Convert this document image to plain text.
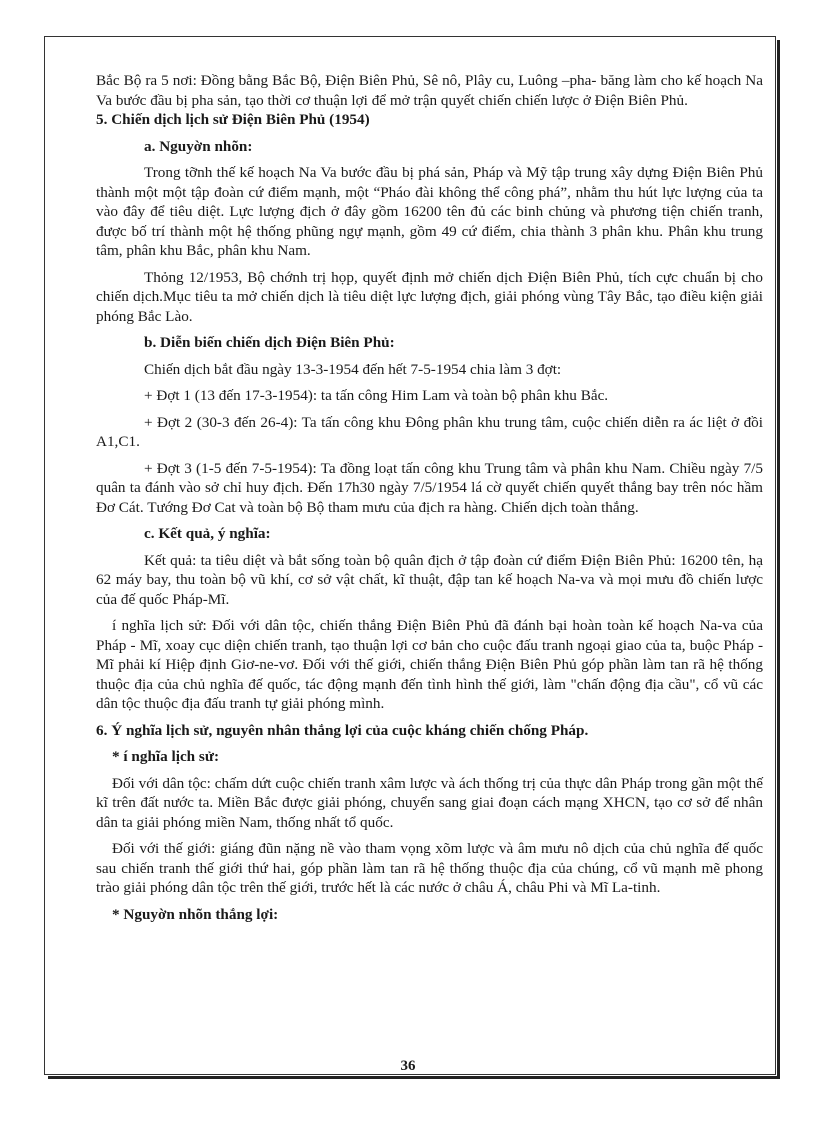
Bắc Bộ ra 5 nơi: Đồng bằng Bắc Bộ, Điện Biên Phủ, Sê nô, Plây cu, Luông –pha- băng làm cho kế hoạch Na Va bước đầu bị pha sản, tạo thời cơ thuận lợi để mở trận quyết chiến chiến lược ở Điện Biên Phủ.

5. Chiến dịch lịch sử Điện Biên Phủ (1954)

a. Nguyờn nhõn:

Trong tỡnh thế kế hoạch Na Va bước đầu bị phá sản, Pháp và Mỹ tập trung xây dựng Điện Biên Phủ thành một một tập đoàn cứ điểm mạnh, một “Pháo đài không thể công phá”, nhằm thu hút lực lượng của ta vào đây để tiêu diệt. Lực lượng địch ở đây gồm 16200 tên đủ các binh chủng và phương tiện chiến tranh, được bố trí thành một hệ thống phũng ngự mạnh, gồm 49 cứ điểm, chia thành 3 phân khu. Phân khu trung tâm, phân khu Bắc, phân khu Nam.

Thỏng 12/1953, Bộ chớnh trị họp, quyết định mở chiến dịch Điện Biên Phủ, tích cực chuẩn bị cho chiến dịch.Mục tiêu ta mở chiến dịch là tiêu diệt lực lượng địch, giải phóng vùng Tây Bắc, tạo điều kiện giải phóng Bắc Lào.

b. Diễn biến chiến dịch Điện Biên Phủ:

Chiến dịch bắt đầu ngày 13-3-1954 đến hết 7-5-1954 chia làm 3 đợt:

+ Đợt 1 (13 đến 17-3-1954): ta tấn công Him Lam và toàn bộ phân khu Bắc.

+ Đợt 2 (30-3 đến 26-4): Ta tấn công khu Đông phân khu trung tâm, cuộc chiến diễn ra ác liệt ở đồi A1,C1.

+ Đợt 3 (1-5 đến 7-5-1954): Ta đồng loạt tấn công khu Trung tâm và phân khu Nam. Chiều ngày 7/5 quân ta đánh vào sở chỉ huy địch. Đến 17h30 ngày 7/5/1954 lá cờ quyết chiến quyết thắng bay trên nóc hầm Đơ Cát. Tướng Đơ Cat và toàn bộ Bộ tham mưu của địch ra hàng. Chiến dịch toàn thắng.

c. Kết quả, ý nghĩa:

Kết quả: ta tiêu diệt và bắt sống toàn bộ quân địch ở tập đoàn cứ điểm Điện Biên Phủ: 16200 tên, hạ 62 máy bay, thu toàn bộ vũ khí, cơ sở vật chất, kĩ thuật, đập tan kế hoạch Na-va và mọi mưu đồ chiến lược của đế quốc Pháp-Mĩ.

í nghĩa lịch sử: Đối với dân tộc, chiến thắng Điện Biên Phủ đã đánh bại hoàn toàn kế hoạch Na-va của Pháp - Mĩ, xoay cục diện chiến tranh, tạo thuận lợi cơ bản cho cuộc đấu tranh ngoại giao của ta, buộc Pháp - Mĩ phải kí Hiệp định Giơ-ne-vơ. Đối với thế giới, chiến thắng Điện Biên Phủ góp phần làm tan rã hệ thống thuộc địa của chủ nghĩa đế quốc, tác động mạnh đến tình hình thế giới, làm "chấn động địa cầu", cổ vũ các dân tộc thuộc địa đấu tranh tự giải phóng mình.

6. Ý nghĩa lịch sử, nguyên nhân thắng lợi của cuộc kháng chiến chống Pháp.

* í nghĩa lịch sử:

Đối với dân tộc: chấm dứt cuộc chiến tranh xâm lược và ách thống trị của thực dân Pháp trong gần một thế kĩ trên đất nước ta. Miền Bắc được giải phóng, chuyển sang giai đoạn cách mạng XHCN, tạo cơ sở để nhân dân ta giải phóng miền Nam, thống nhất tổ quốc.

Đối với thế giới: giáng đũn nặng nề vào tham vọng xõm lược và âm mưu nô dịch của chủ nghĩa đế quốc sau chiến tranh thế giới thứ hai, góp phần làm tan rã hệ thống thuộc địa của chúng, cổ vũ mạnh mẽ phong trào giải phóng dân tộc trên thế giới, trước hết là các nước ở châu Á, châu Phi và Mĩ La-tinh.

* Nguyờn nhõn thắng lợi:

36
